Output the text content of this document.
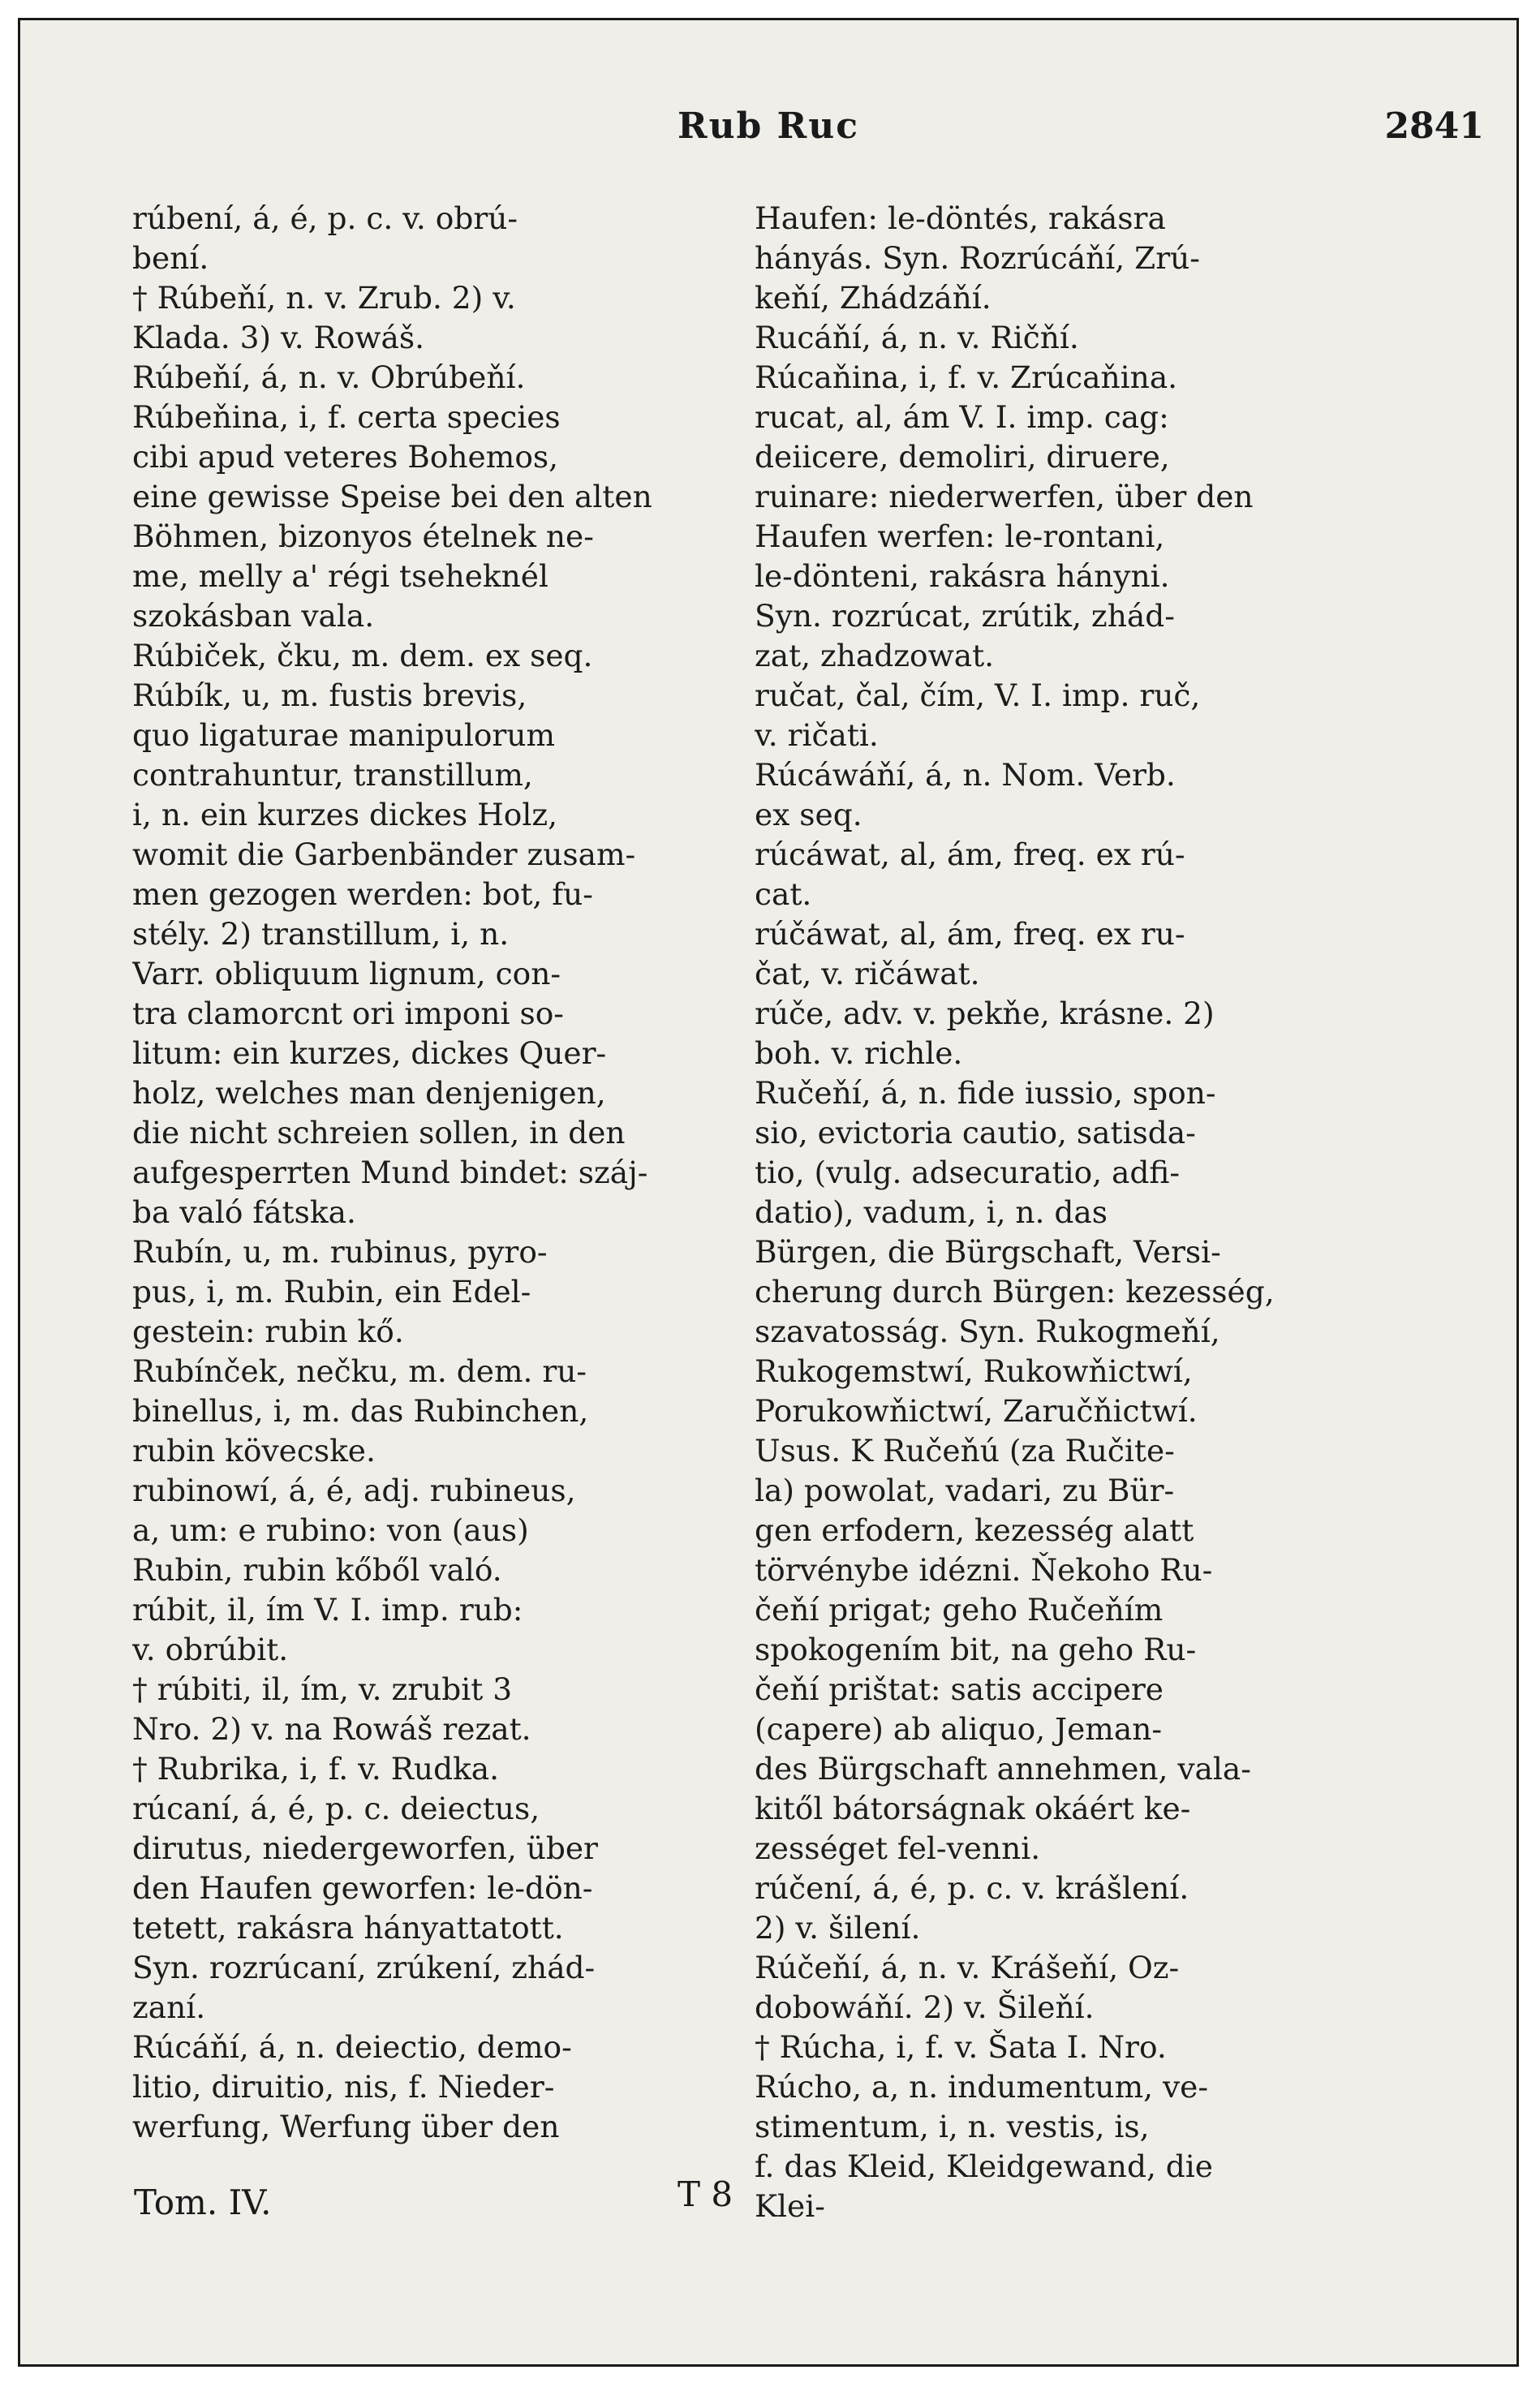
Rub Ruc	2841
rúbení, á, é, p. c. v. obrú-
bení.
† Rúbeňí, n. v. Zrub. 2) v.
Klada. 3) v. Rowáš.
Rúbeňí, á, n. v. Obrúbeňí.
Rúbeňina, i, f. certa species
cibi apud veteres Bohemos,
eine gewisse Speise bei den alten
Böhmen, bizonyos ételnek ne-
me, melly a' régi tseheknél
szokásban vala.
Rúbiček, čku, m. dem. ex seq.
Rúbík, u, m. fustis brevis,
quo ligaturae manipulorum
contrahuntur, transtillum,
i, n. ein kurzes dickes Holz,
womit die Garbenbänder zusam-
men gezogen werden: bot, fu-
stély. 2) transtillum, i, n.
Varr. obliquum lignum, con-
tra clamorcnt ori imponi so-
litum: ein kurzes, dickes Quer-
holz, welches man denjenigen,
die nicht schreien sollen, in den
aufgesperrten Mund bindet: száj-
ba való fátska.
Rubín, u, m. rubinus, pyro-
pus, i, m. Rubin, ein Edel-
gestein: rubin kő.
Rubínček, nečku, m. dem. ru-
binellus, i, m. das Rubinchen,
rubin kövecske.
rubinowí, á, é, adj. rubineus,
a, um: e rubino: von (aus)
Rubin, rubin kőből való.
rúbit, il, ím V. I. imp. rub:
v. obrúbit.
† rúbiti, il, ím, v. zrubit 3
Nro. 2) v. na Rowáš rezat.
† Rubrika, i, f. v. Rudka.
rúcaní, á, é, p. c. deiectus,
dirutus, niedergeworfen, über
den Haufen geworfen: le-dön-
tetett, rakásra hányattatott.
Syn. rozrúcaní, zrúkení, zhád-
zaní.
Rúcáňí, á, n. deiectio, demo-
litio, diruitio, nis, f. Nieder-
werfung, Werfung über den
Haufen: le-döntés, rakásra
hányás. Syn. Rozrúcáňí, Zrú-
keňí, Zhádzáňí.
Rucáňí, á, n. v. Ričňí.
Rúcaňina, i, f. v. Zrúcaňina.
rucat, al, ám V. I. imp. cag:
deiicere, demoliri, diruere,
ruinare: niederwerfen, über den
Haufen werfen: le-rontani,
le-dönteni, rakásra hányni.
Syn. rozrúcat, zrútik, zhád-
zat, zhadzowat.
ručat, čal, čím, V. I. imp. ruč,
v. ričati.
Rúcáwáňí, á, n. Nom. Verb.
ex seq.
rúcáwat, al, ám, freq. ex rú-
cat.
rúčáwat, al, ám, freq. ex ru-
čat, v. ričáwat.
rúče, adv. v. pekňe, krásne. 2)
boh. v. richle.
Ručeňí, á, n. fide iussio, spon-
sio, evictoria cautio, satisda-
tio, (vulg. adsecuratio, adfi-
datio), vadum, i, n. das
Bürgen, die Bürgschaft, Versi-
cherung durch Bürgen: kezesség,
szavatosság. Syn. Rukogmeňí,
Rukogemstwí, Rukowňictwí,
Porukowňictwí, Zaručňictwí.
Usus. K Ručeňú (za Ručite-
la) powolat, vadari, zu Bür-
gen erfodern, kezesség alatt
törvénybe idézni. Ňekoho Ru-
čeňí prigat; geho Ručeňím
spokogením bit, na geho Ru-
čeňí prištat: satis accipere
(capere) ab aliquo, Jeman-
des Bürgschaft annehmen, vala-
kitől bátorságnak okáért ke-
zességet fel-venni.
rúčení, á, é, p. c. v. krášlení.
2) v. šilení.
Rúčeňí, á, n. v. Krášeňí, Oz-
dobowáňí. 2) v. Šileňí.
† Rúcha, i, f. v. Šata I. Nro.
Rúcho, a, n. indumentum, ve-
stimentum, i, n. vestis, is,
f. das Kleid, Kleidgewand, die
Klei-
Tom. IV.	T 8
